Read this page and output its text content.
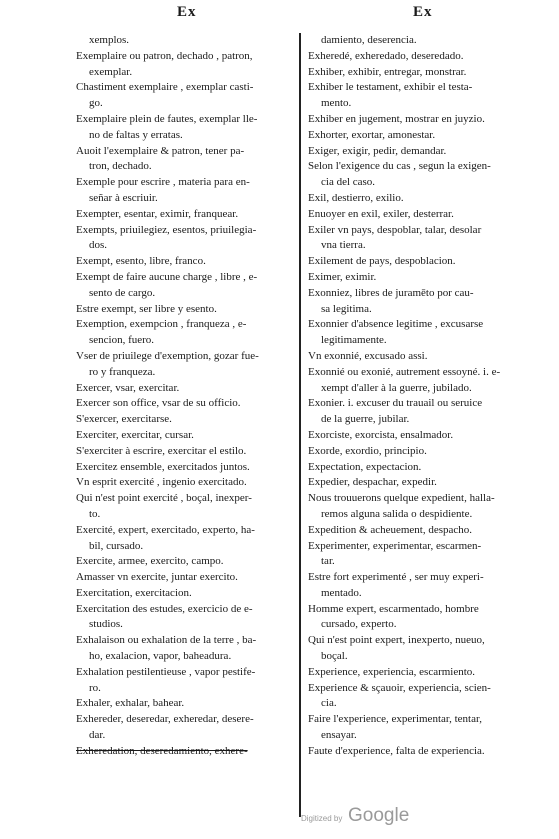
Ex	Ex
xemplos.
Exemplaire ou patron, dechado , patron,
exemplar.
Chastiment exemplaire , exemplar casti-
go.
Exemplaire plein de fautes, exemplar lle-
no de faltas y erratas.
Auoit l'exemplaire & patron, tener pa-
tron, dechado.
Exemple pour escrire , materia para en-
señar à escriuir.
Exempter, esentar, eximir, franquear.
Exempts, priuilegiez, esentos, priuilegia-
dos.
Exempt, esento, libre, franco.
Exempt de faire aucune charge , libre , e-
sento de cargo.
Estre exempt, ser libre y esento.
Exemption, exempcion , franqueza , e-
sencion, fuero.
Vser de priuilege d'exemption, gozar fue-
ro y franqueza.
Exercer, vsar, exercitar.
Exercer son office, vsar de su officio.
S'exercer, exercitarse.
Exerciter, exercitar, cursar.
S'exerciter à escrire, exercitar el estilo.
Exercitez ensemble, exercitados juntos.
Vn esprit exercité , ingenio exercitado.
Qui n'est point exercité , boçal, inexper-
to.
Exercité, expert, exercitado, experto, ha-
bil, cursado.
Exercite, armee, exercito, campo.
Amasser vn exercite, juntar exercito.
Exercitation, exercitacion.
Exercitation des estudes, exercicio de e-
studios.
Exhalaison ou exhalation de la terre , ba-
ho, exalacion, vapor, baheadura.
Exhalation pestilentieuse , vapor pestife-
ro.
Exhaler, exhalar, bahear.
Exhereder, deseredar, exheredar, desere-
dar.
Exheredation, deseredamiento, exhere-
damiento, deserencia.
Exheredé, exheredado, deseredado.
Exhiber, exhibir, entregar, monstrar.
Exhiber le testament, exhibir el testa-
mento.
Exhiber en jugement, mostrar en juyzio.
Exhorter, exortar, amonestar.
Exiger, exigir, pedir, demandar.
Selon l'exigence du cas , segun la exigen-
cia del caso.
Exil, destierro, exilio.
Enuoyer en exil, exiler, desterrar.
Exiler vn pays, despoblar, talar, desolar
vna tierra.
Exilement de pays, despoblacion.
Eximer, eximir.
Exonniez, libres de juramēto por cau-
sa legitima.
Exonnier d'absence legitime , excusarse
legitimamente.
Vn exonnié, excusado assi.
Exonnié ou exonié, autrement essoyné. i. e-
xempt d'aller à la guerre, jubilado.
Exonier. i. excuser du trauail ou seruice
de la guerre, jubilar.
Exorciste, exorcista, ensalmador.
Exorde, exordio, principio.
Expectation, expectacion.
Expedier, despachar, expedir.
Nous trouuerons quelque expedient, halla-
remos alguna salida o despidiente.
Expedition & acheuement, despacho.
Experimenter, experimentar, escarmen-
tar.
Estre fort experimenté , ser muy experi-
mentado.
Homme expert, escarmentado, hombre
cursado, experto.
Qui n'est point expert, inexperto, nueuo,
boçal.
Experience, experiencia, escarmiento.
Experience & sçauoir, experiencia, scien-
cia.
Faire l'experience, experimentar, tentar,
ensayar.
Faute d'experience, falta de experiencia.
Digitized by Google
